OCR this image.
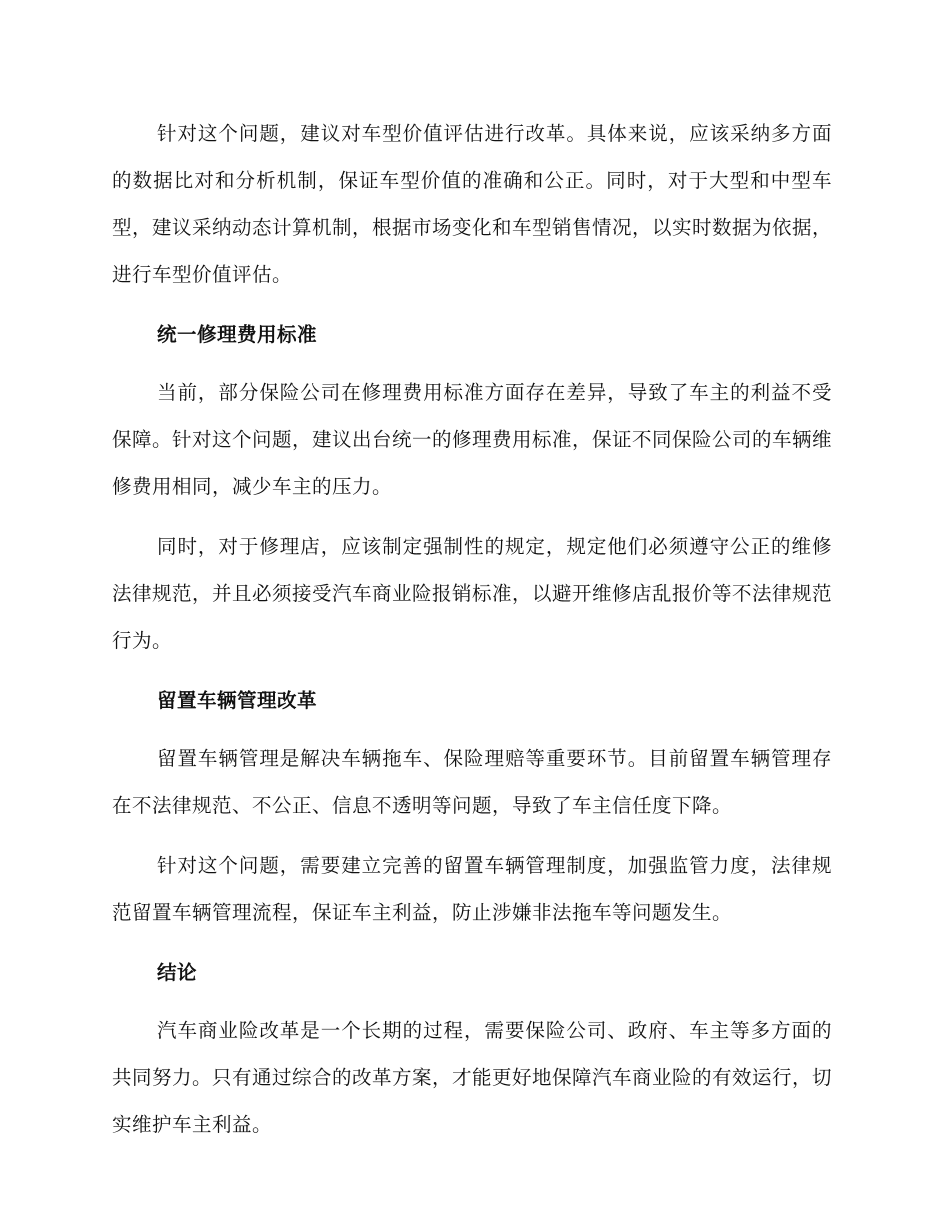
针对这个问题，建议对车型价值评估进行改革。具体来说，应该采纳多方面的数据比对和分析机制，保证车型价值的准确和公正。同时，对于大型和中型车型，建议采纳动态计算机制，根据市场变化和车型销售情况，以实时数据为依据，进行车型价值评估。

统一修理费用标准

当前，部分保险公司在修理费用标准方面存在差异，导致了车主的利益不受保障。针对这个问题，建议出台统一的修理费用标准，保证不同保险公司的车辆维修费用相同，减少车主的压力。

同时，对于修理店，应该制定强制性的规定，规定他们必须遵守公正的维修法律规范，并且必须接受汽车商业险报销标准，以避开维修店乱报价等不法律规范行为。

留置车辆管理改革

留置车辆管理是解决车辆拖车、保险理赔等重要环节。目前留置车辆管理存在不法律规范、不公正、信息不透明等问题，导致了车主信任度下降。

针对这个问题，需要建立完善的留置车辆管理制度，加强监管力度，法律规范留置车辆管理流程，保证车主利益，防止涉嫌非法拖车等问题发生。

结论

汽车商业险改革是一个长期的过程，需要保险公司、政府、车主等多方面的共同努力。只有通过综合的改革方案，才能更好地保障汽车商业险的有效运行，切实维护车主利益。
